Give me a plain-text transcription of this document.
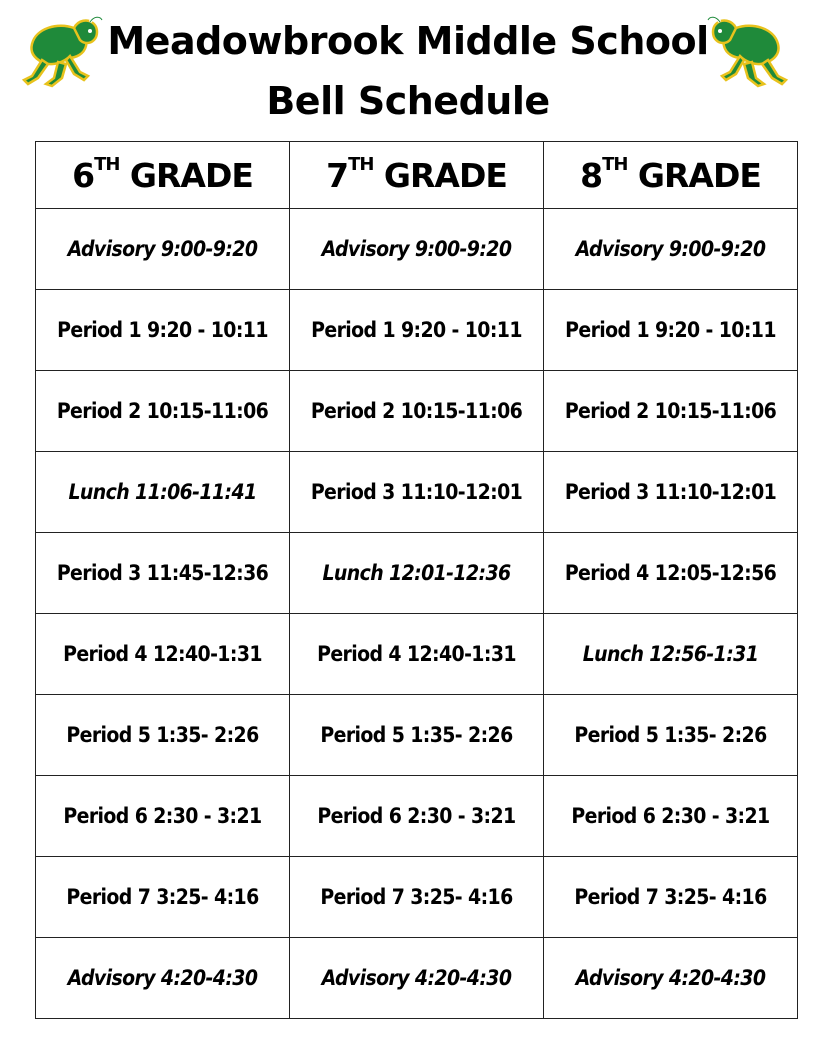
Meadowbrook Middle School
Bell Schedule
6TH GRADE	7TH GRADE	8TH GRADE
Advisory 9:00-9:20	Advisory 9:00-9:20	Advisory 9:00-9:20
Period 1 9:20 - 10:11	Period 1 9:20 - 10:11	Period 1 9:20 - 10:11
Period 2 10:15-11:06	Period 2 10:15-11:06	Period 2 10:15-11:06
Lunch 11:06-11:41	Period 3 11:10-12:01	Period 3 11:10-12:01
Period 3 11:45-12:36	Lunch 12:01-12:36	Period 4 12:05-12:56
Period 4 12:40-1:31	Period 4 12:40-1:31	Lunch 12:56-1:31
Period 5 1:35- 2:26	Period 5 1:35- 2:26	Period 5 1:35- 2:26
Period 6 2:30 - 3:21	Period 6 2:30 - 3:21	Period 6 2:30 - 3:21
Period 7 3:25- 4:16	Period 7 3:25- 4:16	Period 7 3:25- 4:16
Advisory 4:20-4:30	Advisory 4:20-4:30	Advisory 4:20-4:30
